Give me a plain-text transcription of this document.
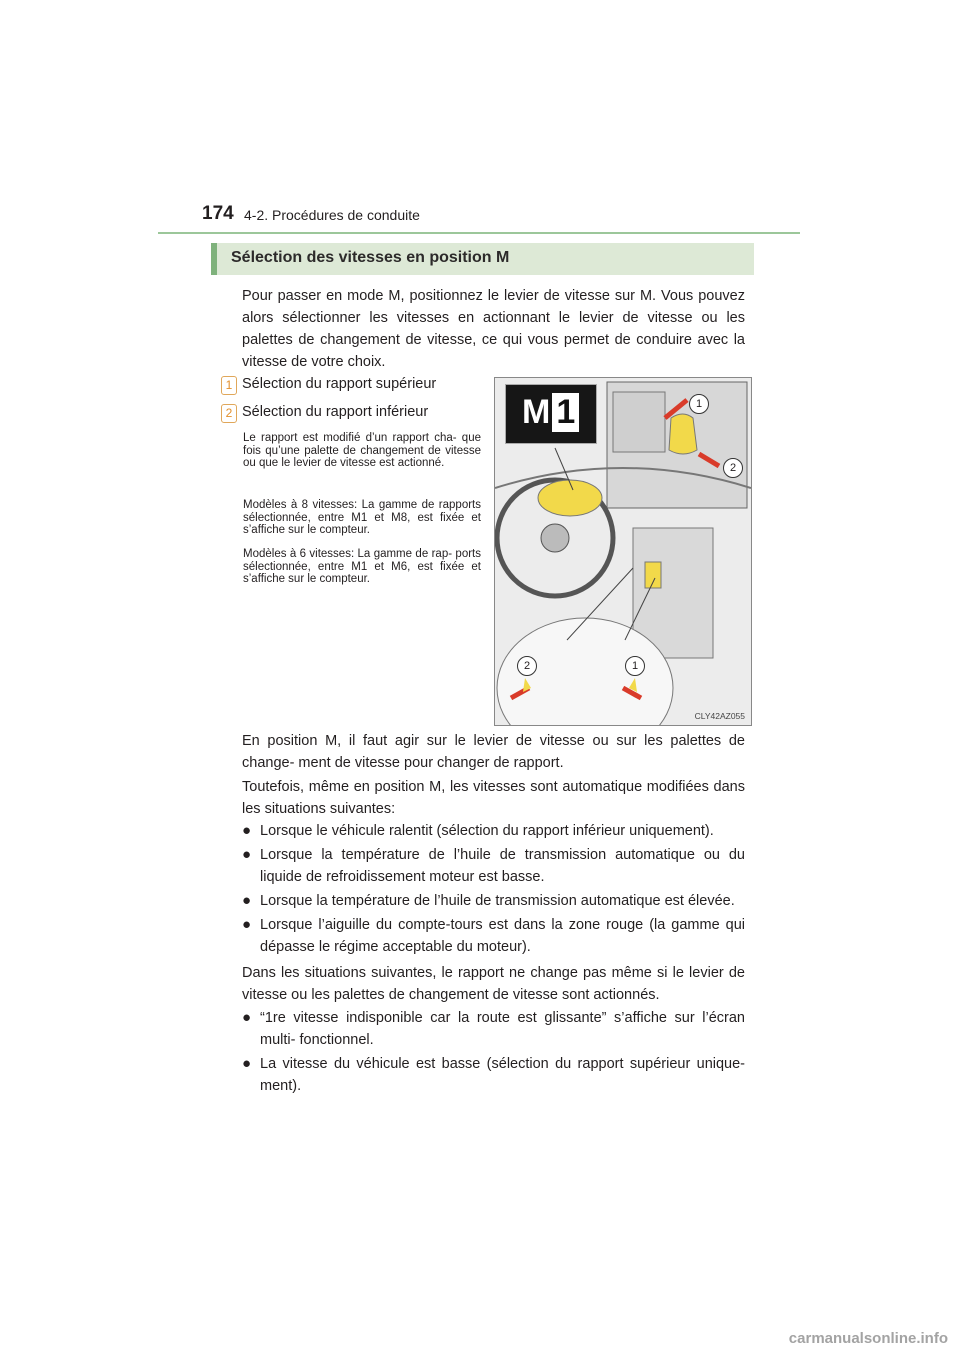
174 4-2. Procédures de conduite
Sélection des vitesses en position M
Pour passer en mode M, positionnez le levier de vitesse sur M. Vous pouvez alors sélectionner les vitesses en actionnant le levier de vitesse ou les palettes de changement de vitesse, ce qui vous permet de conduire avec la vitesse de votre choix.
1 Sélection du rapport supérieur
2 Sélection du rapport inférieur
Le rapport est modifié d’un rapport cha- que fois qu’une palette de changement de vitesse ou que le levier de vitesse est actionné.
Modèles à 8 vitesses: La gamme de rapports sélectionnée, entre M1 et M8, est fixée et s’affiche sur le compteur.
Modèles à 6 vitesses: La gamme de rap- ports sélectionnée, entre M1 et M6, est fixée et s’affiche sur le compteur.
M 1	1
2
2	1
CLY42AZ055
En position M, il faut agir sur le levier de vitesse ou sur les palettes de change- ment de vitesse pour changer de rapport.
Toutefois, même en position M, les vitesses sont automatique modifiées dans les situations suivantes:
● Lorsque le véhicule ralentit (sélection du rapport inférieur uniquement).
● Lorsque la température de l’huile de transmission automatique ou du liquide de refroidissement moteur est basse.
● Lorsque la température de l’huile de transmission automatique est élevée.
● Lorsque l’aiguille du compte-tours est dans la zone rouge (la gamme qui dépasse le régime acceptable du moteur).
Dans les situations suivantes, le rapport ne change pas même si le levier de vitesse ou les palettes de changement de vitesse sont actionnés.
● “1re vitesse indisponible car la route est glissante” s’affiche sur l’écran multi- fonctionnel.
● La vitesse du véhicule est basse (sélection du rapport supérieur unique- ment).
carmanualsonline.info
